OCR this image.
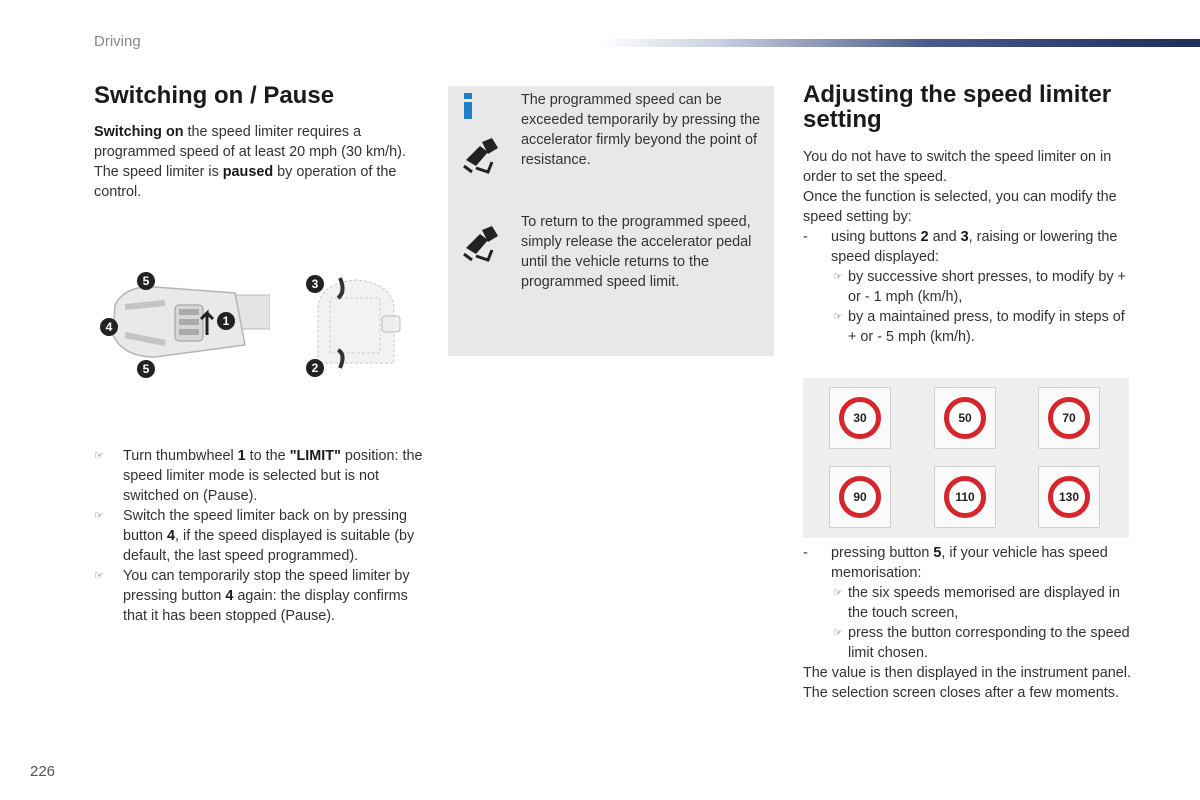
Driving
Switching on / Pause
Switching on the speed limiter requires a programmed speed of at least 20 mph (30 km/h). The speed limiter is paused by operation of the control.
5
4	1
5
3
2
☞ Turn thumbwheel 1 to the "LIMIT" position: the speed limiter mode is selected but is not switched on (Pause).
☞ Switch the speed limiter back on by pressing button 4, if the speed displayed is suitable (by default, the last speed programmed).
☞ You can temporarily stop the speed limiter by pressing button 4 again: the display confirms that it has been stopped (Pause).
The programmed speed can be exceeded temporarily by pressing the accelerator firmly beyond the point of resistance.
To return to the programmed speed, simply release the accelerator pedal until the vehicle returns to the programmed speed limit.
Adjusting the speed limiter setting
You do not have to switch the speed limiter on in order to set the speed.
Once the function is selected, you can modify the speed setting by:
- using buttons 2 and 3, raising or lowering the speed displayed:
☞ by successive short presses, to modify by + or - 1 mph (km/h),
☞ by a maintained press, to modify in steps of + or - 5 mph (km/h).
30	50	70
90	110	130
- pressing button 5, if your vehicle has speed memorisation:
☞ the six speeds memorised are displayed in the touch screen,
☞ press the button corresponding to the speed limit chosen.
The value is then displayed in the instrument panel.
The selection screen closes after a few moments.
226
